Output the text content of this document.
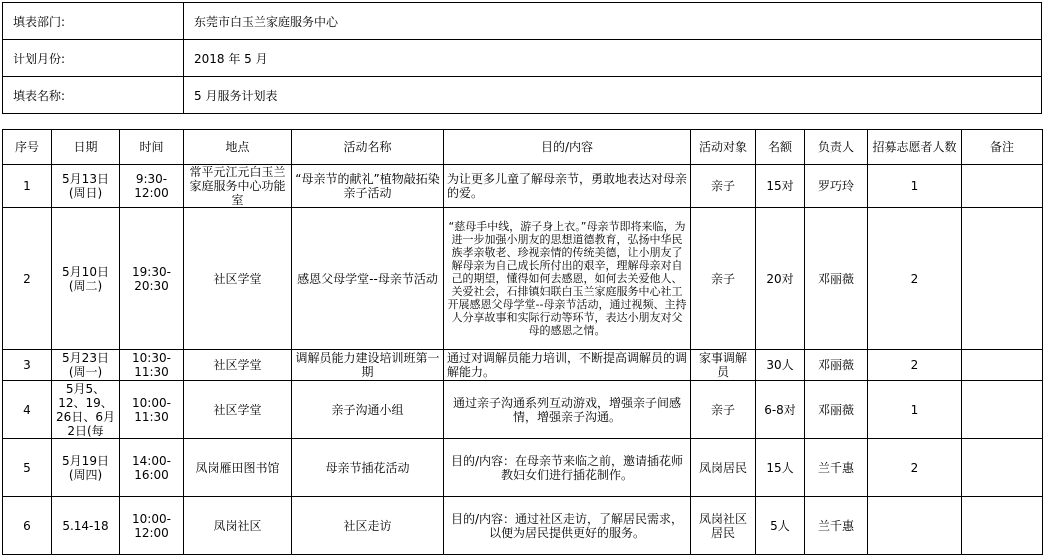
填表部门:	东莞市白玉兰家庭服务中心
计划月份:	2018 年 5 月
填表名称:	5 月服务计划表
序号	日期	时间	地点	活动名称	目的/内容	活动对象	名额	负责人	招募志愿者人数	备注
1	5月13日(周日)	9:30-12:00	常平元江元白玉兰家庭服务中心功能室	“母亲节的献礼”植物敲拓染亲子活动	为让更多儿童了解母亲节，勇敢地表达对母亲的爱。	亲子	15对	罗巧玲	1	
2	5月10日(周二)	19:30-20:30	社区学堂	感恩父母学堂--母亲节活动	“慈母手中线，游子身上衣。”母亲节即将来临，为进一步加强小朋友的思想道德教育，弘扬中华民族孝亲敬老、珍视亲情的传统美德，让小朋友了解母亲为自己成长所付出的艰辛，理解母亲对自己的期望，懂得如何去感恩，如何去关爱他人、关爱社会，石排镇妇联白玉兰家庭服务中心社工开展感恩父母学堂--母亲节活动，通过视频、主持人分享故事和实际行动等环节，表达小朋友对父母的感恩之情。	亲子	20对	邓丽薇	2	
3	5月23日(周一)	10:30-11:30	社区学堂	调解员能力建设培训班第一期	通过对调解员能力培训，不断提高调解员的调解能力。	家事调解员	30人	邓丽薇	2	
4	5月5、12、19、26日、6月2日(每	10:00-11:30	社区学堂	亲子沟通小组	通过亲子沟通系列互动游戏，增强亲子间感情，增强亲子沟通。	亲子	6-8对	邓丽薇	1	
5	5月19日(周四)	14:00-16:00	凤岗雁田图书馆	母亲节插花活动	目的/内容：在母亲节来临之前，邀请插花师教妇女们进行插花制作。	凤岗居民	15人	兰千惠	2	
6	5.14-18	10:00-12:00	凤岗社区	社区走访	目的/内容：通过社区走访，了解居民需求，以便为居民提供更好的服务。	凤岗社区居民	5人	兰千惠		
